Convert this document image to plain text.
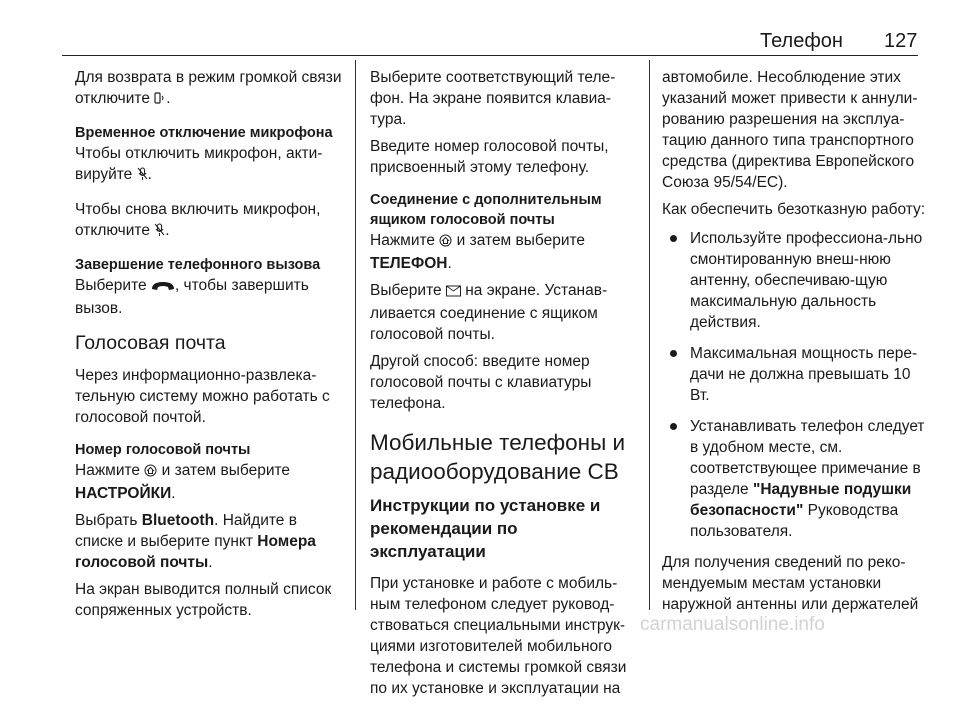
Телефон 127

Для возврата в режим громкой связи отключите .

Временное отключение микрофона

Чтобы отключить микрофон, акти-вируйте .

Чтобы снова включить микрофон, отключите .

Завершение телефонного вызова

Выберите , чтобы завершить вызов.

Голосовая почта

Через информационно-развлека-тельную систему можно работать с голосовой почтой.

Номер голосовой почты

Нажмите  и затем выберите НАСТРОЙКИ.

Выбрать Bluetooth. Найдите в списке и выберите пункт Номера голосовой почты.

На экран выводится полный список сопряженных устройств.

Выберите соответствующий теле-фон. На экране появится клавиа-тура.

Введите номер голосовой почты, присвоенный этому телефону.

Соединение с дополнительным ящиком голосовой почты

Нажмите  и затем выберите ТЕЛЕФОН.

Выберите  на экране. Устанав-ливается соединение с ящиком голосовой почты.

Другой способ: введите номер голосовой почты с клавиатуры телефона.

Мобильные телефоны и радиооборудование СВ
Инструкции по установке и рекомендации по эксплуатации

При установке и работе с мобиль-ным телефоном следует руковод-ствоваться специальными инструк-циями изготовителей мобильного телефона и системы громкой связи по их установке и эксплуатации на

автомобиле. Несоблюдение этих указаний может привести к аннули-рованию разрешения на эксплуа-тацию данного типа транспортного средства (директива Европейского Союза 95/54/ЕС).

Как обеспечить безотказную работу:

Используйте профессиона-льно смонтированную внеш-нюю антенну, обеспечиваю-щую максимальную дальность действия.
Максимальная мощность пере-дачи не должна превышать 10 Вт.
Устанавливать телефон следует в удобном месте, см. соответствующее примечание в разделе "Надувные подушки безопасности" Руководства пользователя.

Для получения сведений по реко-мендуемым местам установки наружной антенны или держателей

carmanualsonline.info
